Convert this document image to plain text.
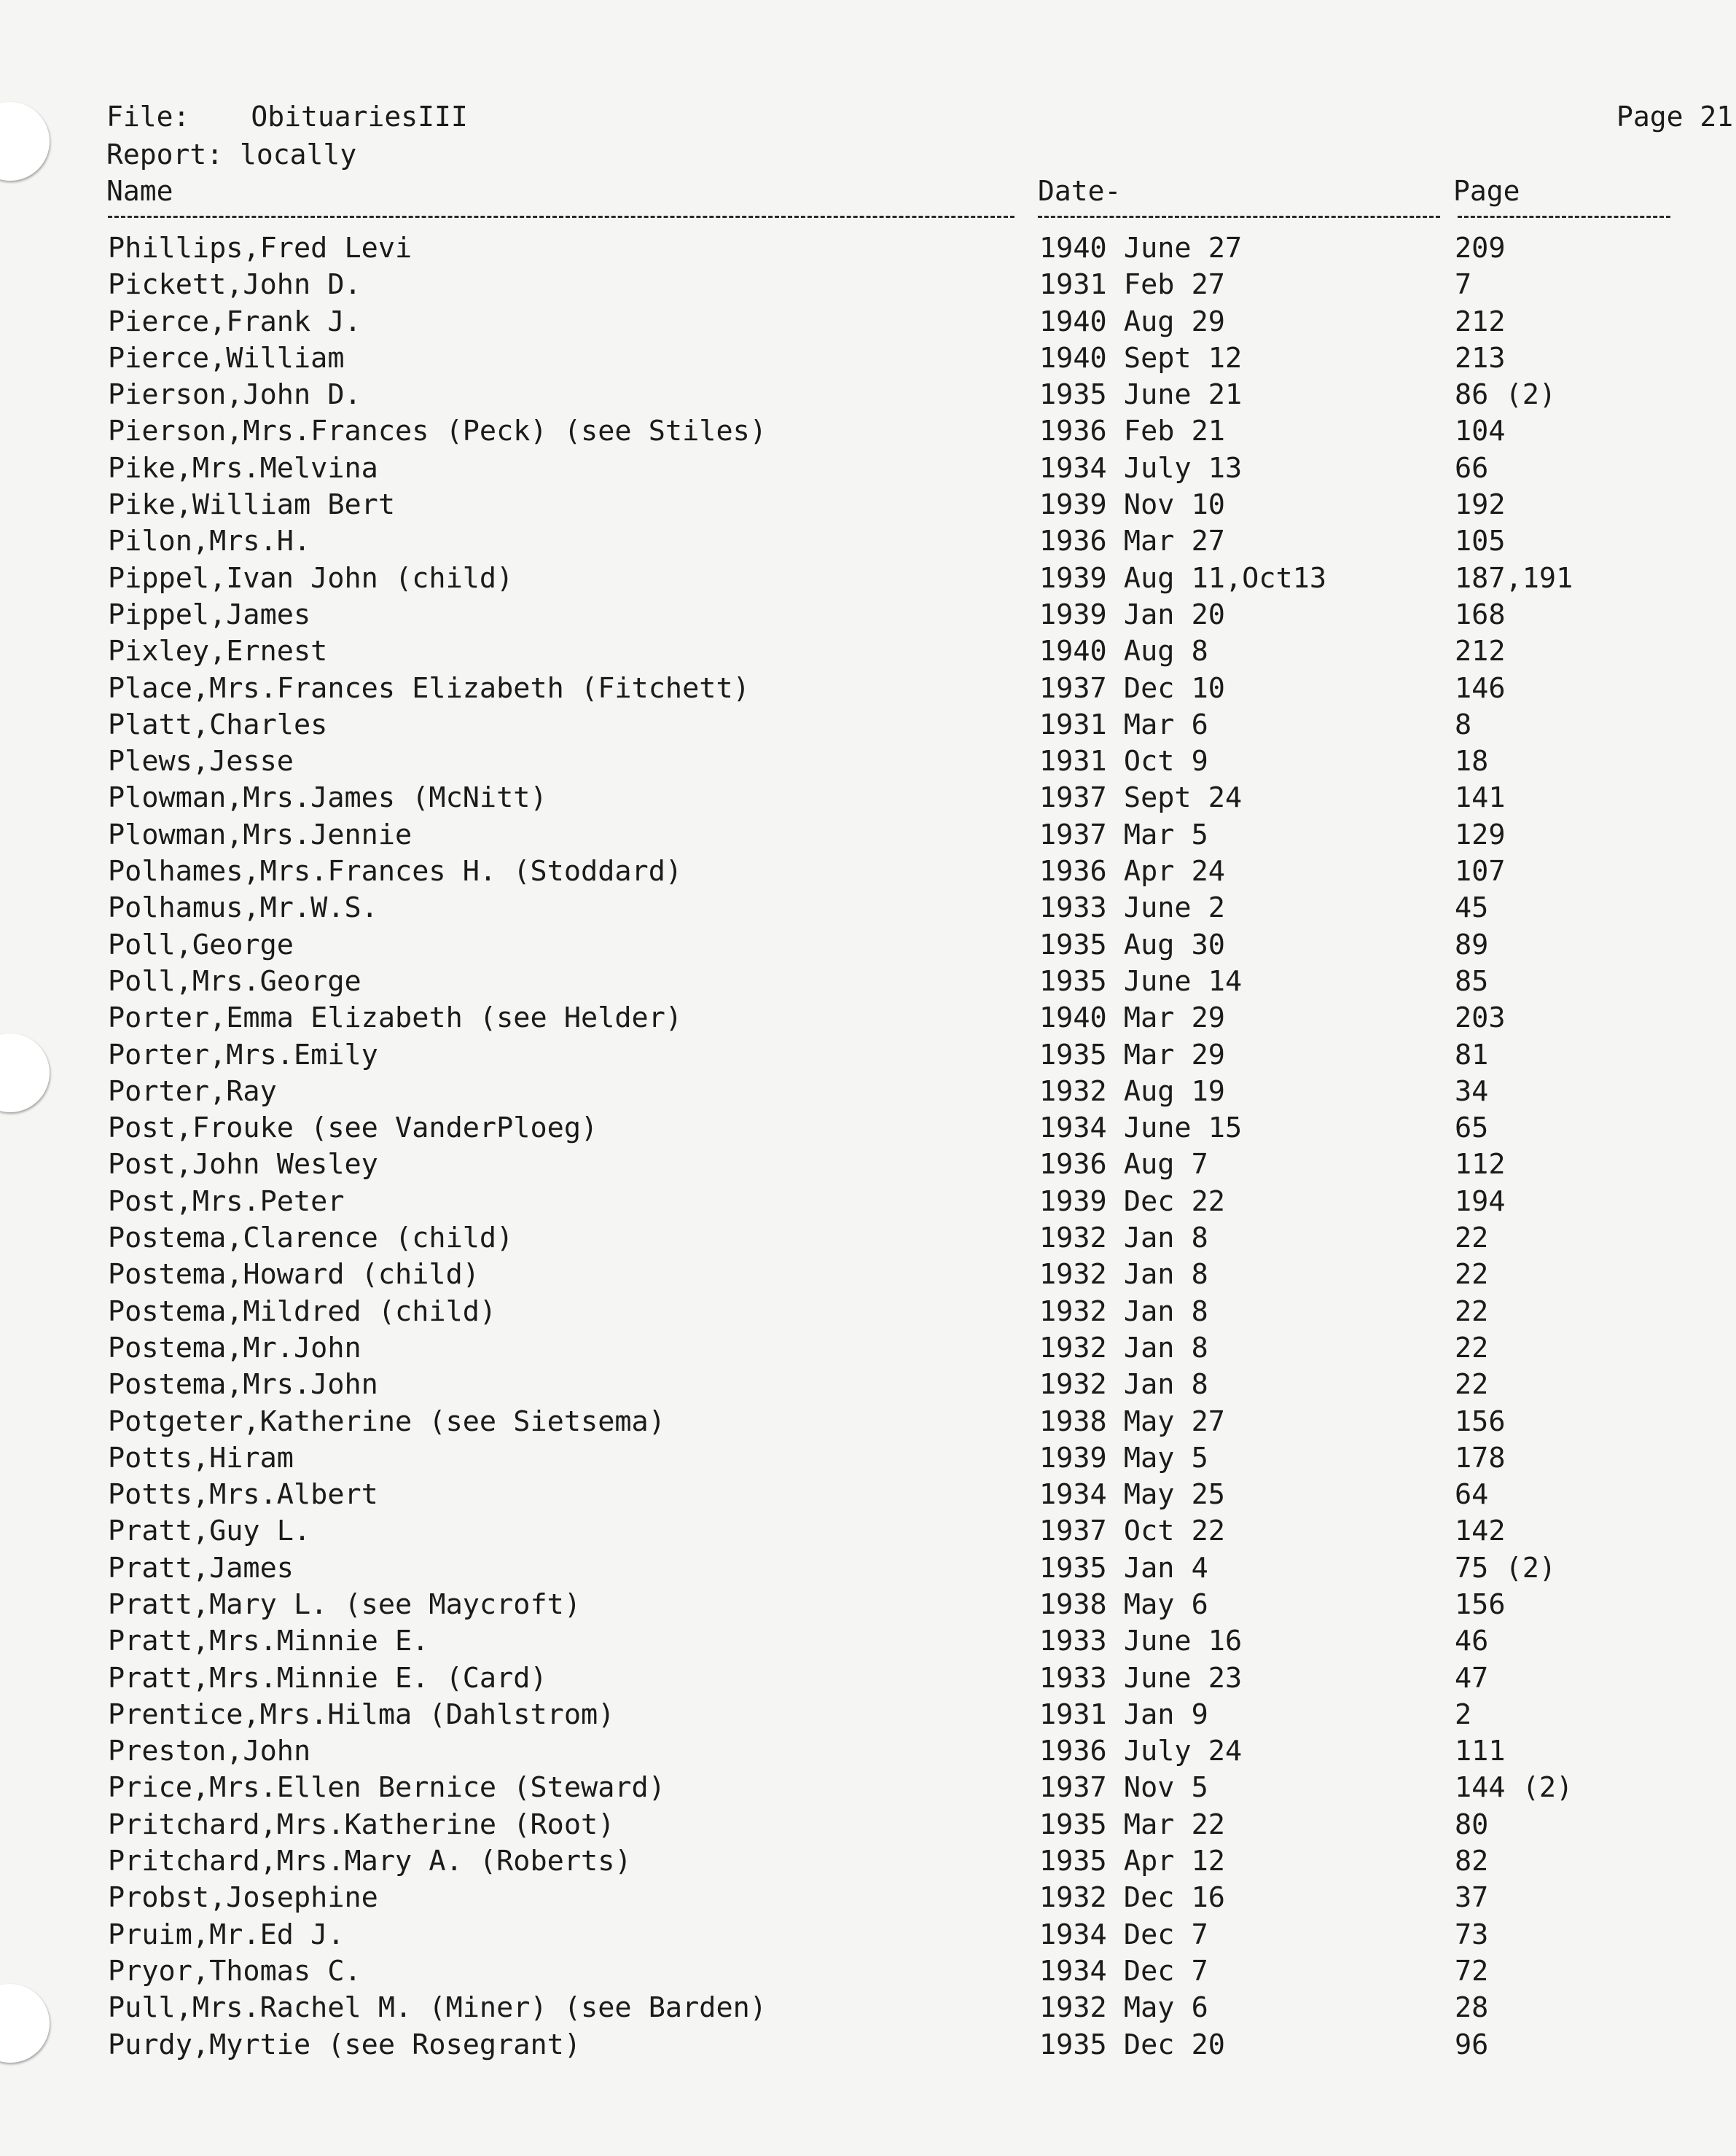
File: ObituariesIII	Page 21
Report: locally
Name	Date-	Page
Phillips,Fred Levi	1940 June 27	209
Pickett,John D.	1931 Feb 27	7
Pierce,Frank J.	1940 Aug 29	212
Pierce,William	1940 Sept 12	213
Pierson,John D.	1935 June 21	86 (2)
Pierson,Mrs.Frances (Peck) (see Stiles)	1936 Feb 21	104
Pike,Mrs.Melvina	1934 July 13	66
Pike,William Bert	1939 Nov 10	192
Pilon,Mrs.H.	1936 Mar 27	105
Pippel,Ivan John (child)	1939 Aug 11,Oct13	187,191
Pippel,James	1939 Jan 20	168
Pixley,Ernest	1940 Aug 8	212
Place,Mrs.Frances Elizabeth (Fitchett)	1937 Dec 10	146
Platt,Charles	1931 Mar 6	8
Plews,Jesse	1931 Oct 9	18
Plowman,Mrs.James (McNitt)	1937 Sept 24	141
Plowman,Mrs.Jennie	1937 Mar 5	129
Polhames,Mrs.Frances H. (Stoddard)	1936 Apr 24	107
Polhamus,Mr.W.S.	1933 June 2	45
Poll,George	1935 Aug 30	89
Poll,Mrs.George	1935 June 14	85
Porter,Emma Elizabeth (see Helder)	1940 Mar 29	203
Porter,Mrs.Emily	1935 Mar 29	81
Porter,Ray	1932 Aug 19	34
Post,Frouke (see VanderPloeg)	1934 June 15	65
Post,John Wesley	1936 Aug 7	112
Post,Mrs.Peter	1939 Dec 22	194
Postema,Clarence (child)	1932 Jan 8	22
Postema,Howard (child)	1932 Jan 8	22
Postema,Mildred (child)	1932 Jan 8	22
Postema,Mr.John	1932 Jan 8	22
Postema,Mrs.John	1932 Jan 8	22
Potgeter,Katherine (see Sietsema)	1938 May 27	156
Potts,Hiram	1939 May 5	178
Potts,Mrs.Albert	1934 May 25	64
Pratt,Guy L.	1937 Oct 22	142
Pratt,James	1935 Jan 4	75 (2)
Pratt,Mary L. (see Maycroft)	1938 May 6	156
Pratt,Mrs.Minnie E.	1933 June 16	46
Pratt,Mrs.Minnie E. (Card)	1933 June 23	47
Prentice,Mrs.Hilma (Dahlstrom)	1931 Jan 9	2
Preston,John	1936 July 24	111
Price,Mrs.Ellen Bernice (Steward)	1937 Nov 5	144 (2)
Pritchard,Mrs.Katherine (Root)	1935 Mar 22	80
Pritchard,Mrs.Mary A. (Roberts)	1935 Apr 12	82
Probst,Josephine	1932 Dec 16	37
Pruim,Mr.Ed J.	1934 Dec 7	73
Pryor,Thomas C.	1934 Dec 7	72
Pull,Mrs.Rachel M. (Miner) (see Barden)	1932 May 6	28
Purdy,Myrtie (see Rosegrant)	1935 Dec 20	96
